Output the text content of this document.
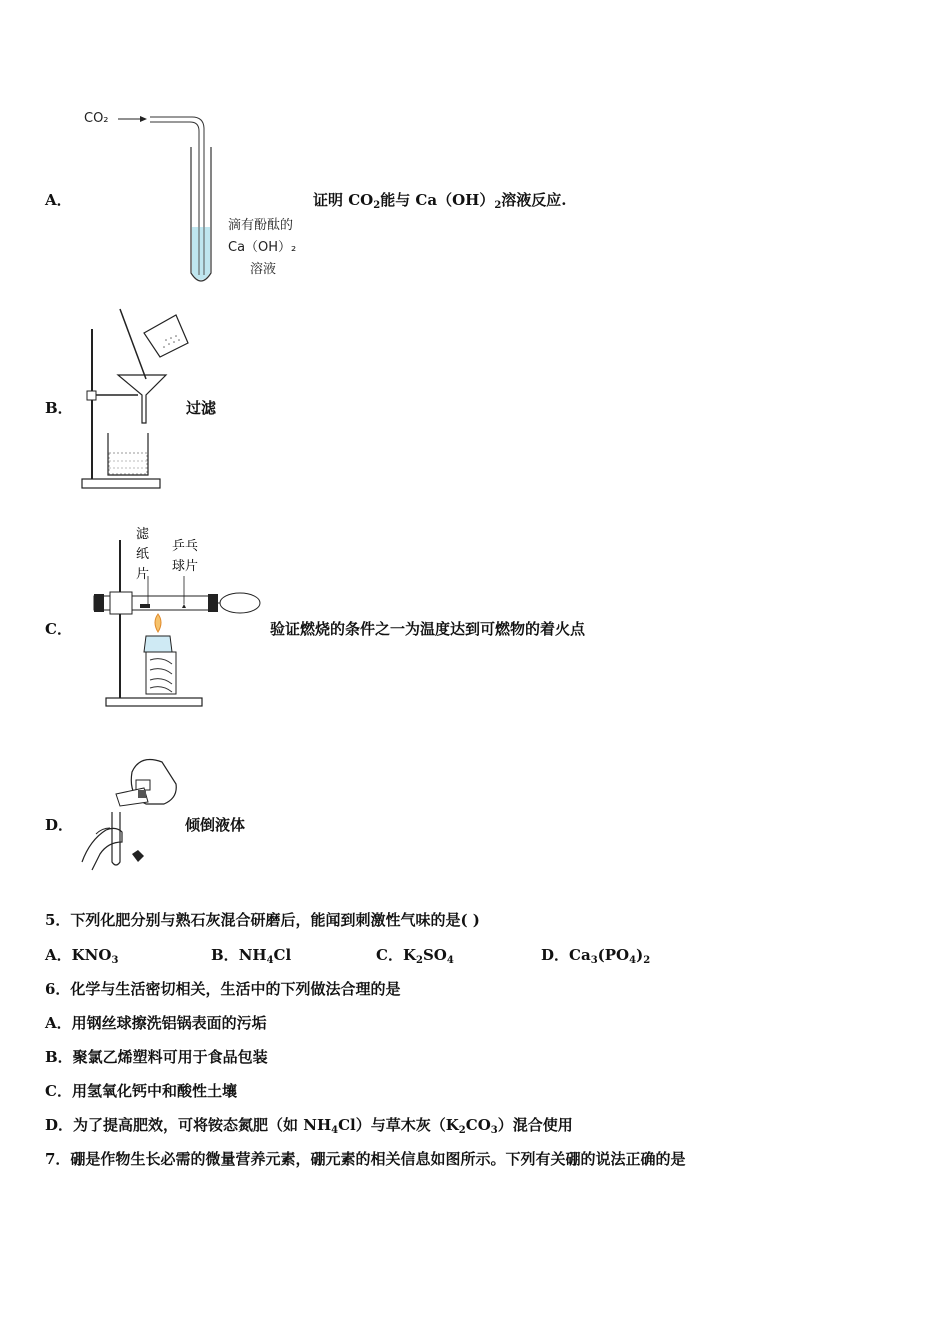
A．
CO₂
滴有酚酞的
Ca（OH）₂
溶液
证明 $CO_2$能与 $Ca(OH)_2$溶液反应.
B．	过滤
C．
滤
纸
片
乒乓
球片
验证燃烧的条件之一为温度达到可燃物的着火点
D．	倾倒液体
5．下列化肥分别与熟石灰混合研磨后，能闻到刺激性气味的是( )
A．$KNO_3$	B．$NH_4Cl$	C．$K_2SO_4$	D．$Ca_3(PO_4)_2$
6．化学与生活密切相关，生活中的下列做法合理的是
A．用钢丝球擦洗铝锅表面的污垢
B．聚氯乙烯塑料可用于食品包装
C．用氢氧化钙中和酸性土壤
D．为了提高肥效，可将铵态氮肥（如 $NH_4Cl$）与草木灰$(K_2CO_3)$混合使用
7．硼是作物生长必需的微量营养元素，硼元素的相关信息如图所示。下列有关硼的说法正确的是
